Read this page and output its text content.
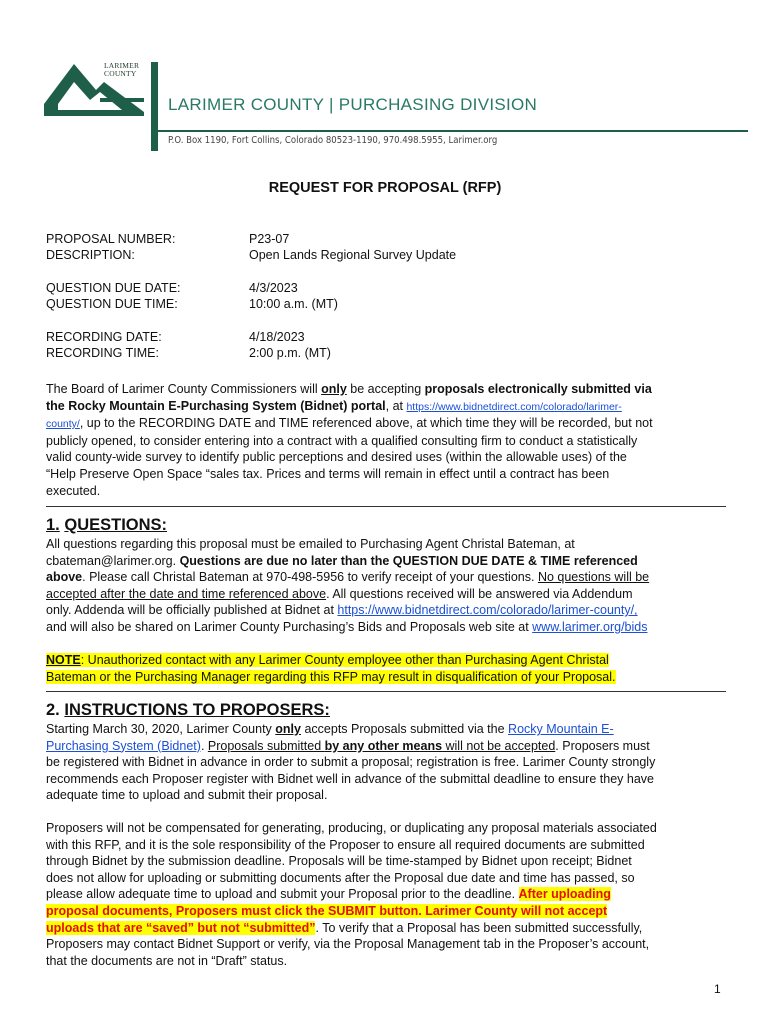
LARIMER
COUNTY
LARIMER COUNTY | PURCHASING DIVISION
P.O. Box 1190, Fort Collins, Colorado 80523-1190, 970.498.5955, Larimer.org
REQUEST FOR PROPOSAL (RFP)
PROPOSAL NUMBER:	P23-07
DESCRIPTION:	Open Lands Regional Survey Update
QUESTION DUE DATE:	4/3/2023
QUESTION DUE TIME:	10:00 a.m. (MT)
RECORDING DATE:	4/18/2023
RECORDING TIME:	2:00 p.m. (MT)
The Board of Larimer County Commissioners will only be accepting proposals electronically submitted via
the Rocky Mountain E-Purchasing System (Bidnet) portal, at https://www.bidnetdirect.com/colorado/larimer-
county/, up to the RECORDING DATE and TIME referenced above, at which time they will be recorded, but not
publicly opened, to consider entering into a contract with a qualified consulting firm to conduct a statistically
valid county-wide survey to identify public perceptions and desired uses (within the allowable uses) of the
“Help Preserve Open Space “sales tax. Prices and terms will remain in effect until a contract has been
executed.
1. QUESTIONS:
All questions regarding this proposal must be emailed to Purchasing Agent Christal Bateman, at
cbateman@larimer.org. Questions are due no later than the QUESTION DUE DATE & TIME referenced
above. Please call Christal Bateman at 970-498-5956 to verify receipt of your questions. No questions will be
accepted after the date and time referenced above. All questions received will be answered via Addendum
only. Addenda will be officially published at Bidnet at https://www.bidnetdirect.com/colorado/larimer-county/,
and will also be shared on Larimer County Purchasing’s Bids and Proposals web site at www.larimer.org/bids
NOTE: Unauthorized contact with any Larimer County employee other than Purchasing Agent Christal
Bateman or the Purchasing Manager regarding this RFP may result in disqualification of your Proposal.
2. INSTRUCTIONS TO PROPOSERS:
Starting March 30, 2020, Larimer County only accepts Proposals submitted via the Rocky Mountain E-
Purchasing System (Bidnet). Proposals submitted by any other means will not be accepted. Proposers must
be registered with Bidnet in advance in order to submit a proposal; registration is free. Larimer County strongly
recommends each Proposer register with Bidnet well in advance of the submittal deadline to ensure they have
adequate time to upload and submit their proposal.
Proposers will not be compensated for generating, producing, or duplicating any proposal materials associated
with this RFP, and it is the sole responsibility of the Proposer to ensure all required documents are submitted
through Bidnet by the submission deadline. Proposals will be time-stamped by Bidnet upon receipt; Bidnet
does not allow for uploading or submitting documents after the Proposal due date and time has passed, so
please allow adequate time to upload and submit your Proposal prior to the deadline. After uploading
proposal documents, Proposers must click the SUBMIT button. Larimer County will not accept
uploads that are “saved” but not “submitted”. To verify that a Proposal has been submitted successfully,
Proposers may contact Bidnet Support or verify, via the Proposal Management tab in the Proposer’s account,
that the documents are not in “Draft” status.
1
